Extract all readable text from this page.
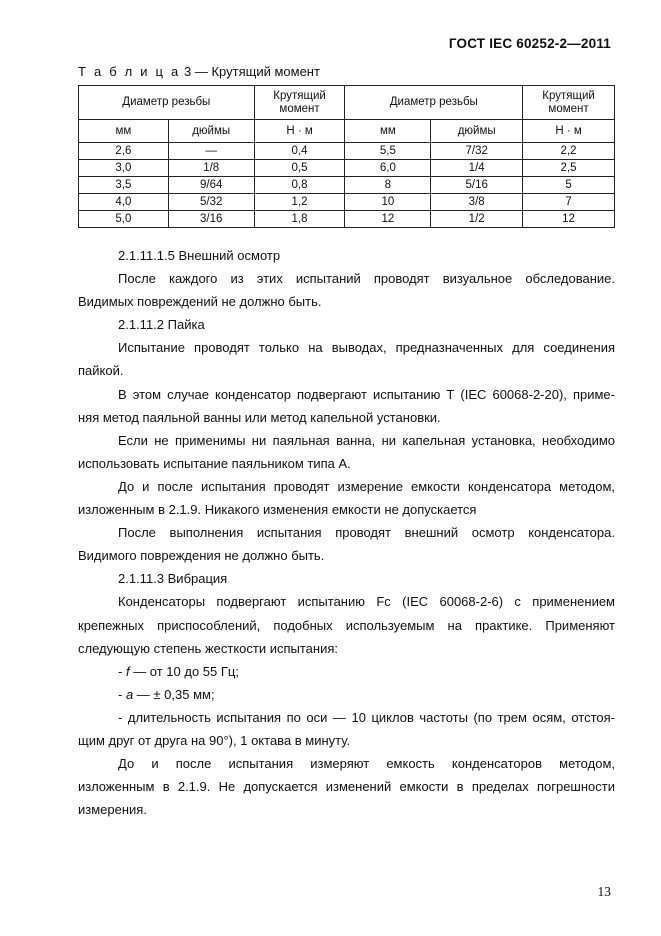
ГОСТ IEC 60252-2—2011
Т а б л и ц а 3 — Крутящий момент
Диаметр резьбы		Крутящий момент	Диаметр резьбы		Крутящий момент
мм	дюймы	Н · м	мм	дюймы	Н · м
2,6	—	0,4	5,5	7/32	2,2
3,0	1/8	0,5	6,0	1/4	2,5
3,5	9/64	0,8	8	5/16	5
4,0	5/32	1,2	10	3/8	7
5,0	3/16	1,8	12	1/2	12

2.1.11.1.5 Внешний осмотр

После каждого из этих испытаний проводят визуальное обследование.

Видимых повреждений не должно быть.

2.1.11.2 Пайка

Испытание проводят только на выводах, предназначенных для соединения

пайкой.

В этом случае конденсатор подвергают испытанию Т (IEC 60068-2-20), приме-

няя метод паяльной ванны или метод капельной установки.

Если не применимы ни паяльная ванна, ни капельная установка, необходимо

использовать испытание паяльником типа А.

До и после испытания проводят измерение емкости конденсатора методом,

изложенным в 2.1.9. Никакого изменения емкости не допускается

После выполнения испытания проводят внешний осмотр конденсатора.

Видимого повреждения не должно быть.

2.1.11.3 Вибрация

Конденсаторы подвергают испытанию Fc (IEC 60068-2-6) с применением

крепежных приспособлений, подобных используемым на практике. Применяют

следующую степень жесткости испытания:

- f — от 10 до 55 Гц;

- a — ± 0,35 мм;

- длительность испытания по оси — 10 циклов частоты (по трем осям, отстоя-

щим друг от друга на 90°), 1 октава в минуту.

До и после испытания измеряют емкость конденсаторов методом,

изложенным в 2.1.9. Не допускается изменений емкости в пределах погрешности

измерения.

13
